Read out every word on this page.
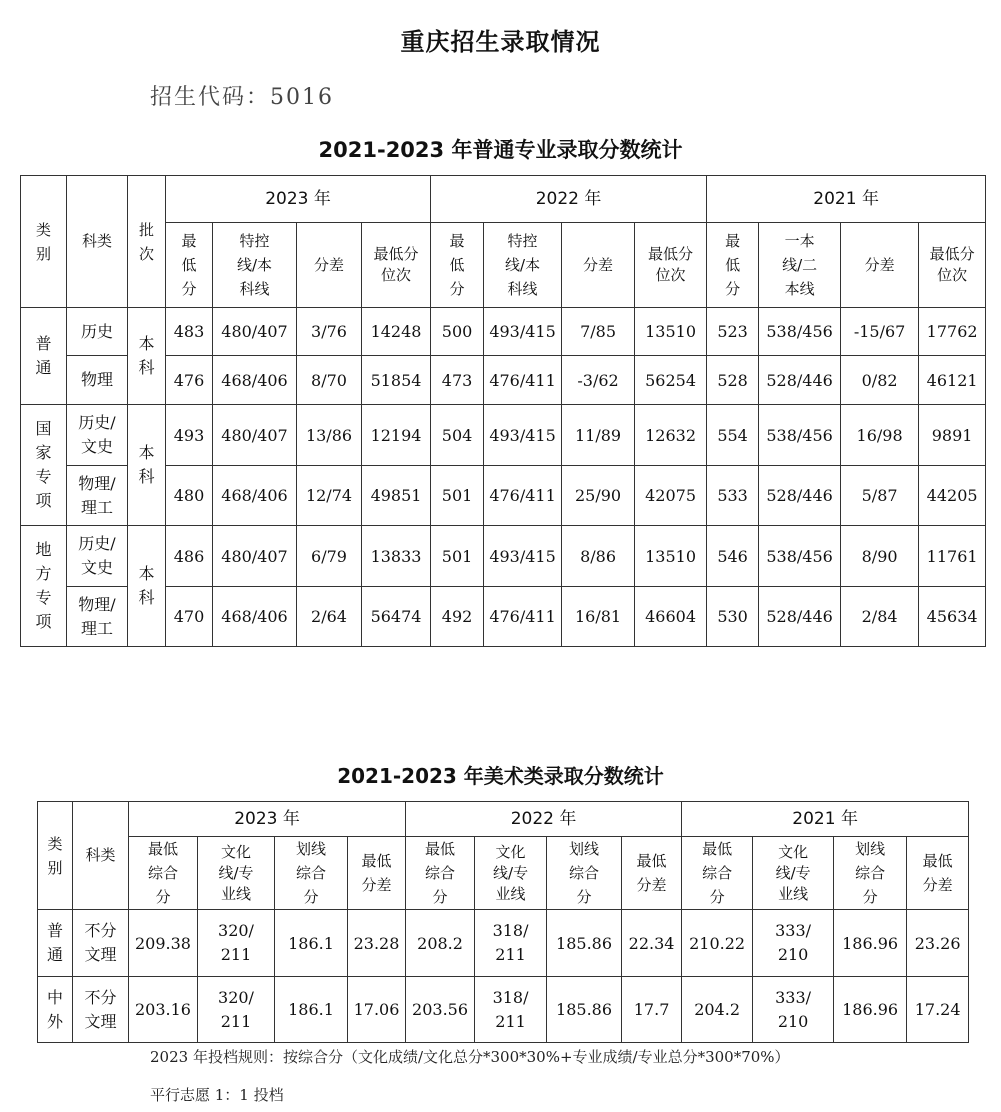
重庆招生录取情况
招生代码：5016
2021-2023 年普通专业录取分数统计
类别	科类	批次	2023 年				2022 年				2021 年			
			最低分	特控线/本科线	分差	最低分位次	最低分	特控线/本科线	分差	最低分位次	最低分	一本线/二本线	分差	最低分位次
普通	历史	本科	483	480/407	3/76	14248	500	493/415	7/85	13510	523	538/456	-15/67	17762
	物理		476	468/406	8/70	51854	473	476/411	-3/62	56254	528	528/446	0/82	46121
国家专项	历史/文史	本科	493	480/407	13/86	12194	504	493/415	11/89	12632	554	538/456	16/98	9891
	物理/理工		480	468/406	12/74	49851	501	476/411	25/90	42075	533	528/446	5/87	44205
地方专项	历史/文史	本科	486	480/407	6/79	13833	501	493/415	8/86	13510	546	538/456	8/90	11761
	物理/理工		470	468/406	2/64	56474	492	476/411	16/81	46604	530	528/446	2/84	45634
2021-2023 年美术类录取分数统计
类别	科类	2023 年				2022 年				2021 年			
		最低综合分	文化线/专业线	划线综合分	最低分差	最低综合分	文化线/专业线	划线综合分	最低分差	最低综合分	文化线/专业线	划线综合分	最低分差
普通	不分文理	209.38	320/211	186.1	23.28	208.2	318/211	185.86	22.34	210.22	333/210	186.96	23.26
中外	不分文理	203.16	320/211	186.1	17.06	203.56	318/211	185.86	17.7	204.2	333/210	186.96	17.24
2023 年投档规则：按综合分（文化成绩/文化总分*300*30%+专业成绩/专业总分*300*70%）
平行志愿 1：1 投档
